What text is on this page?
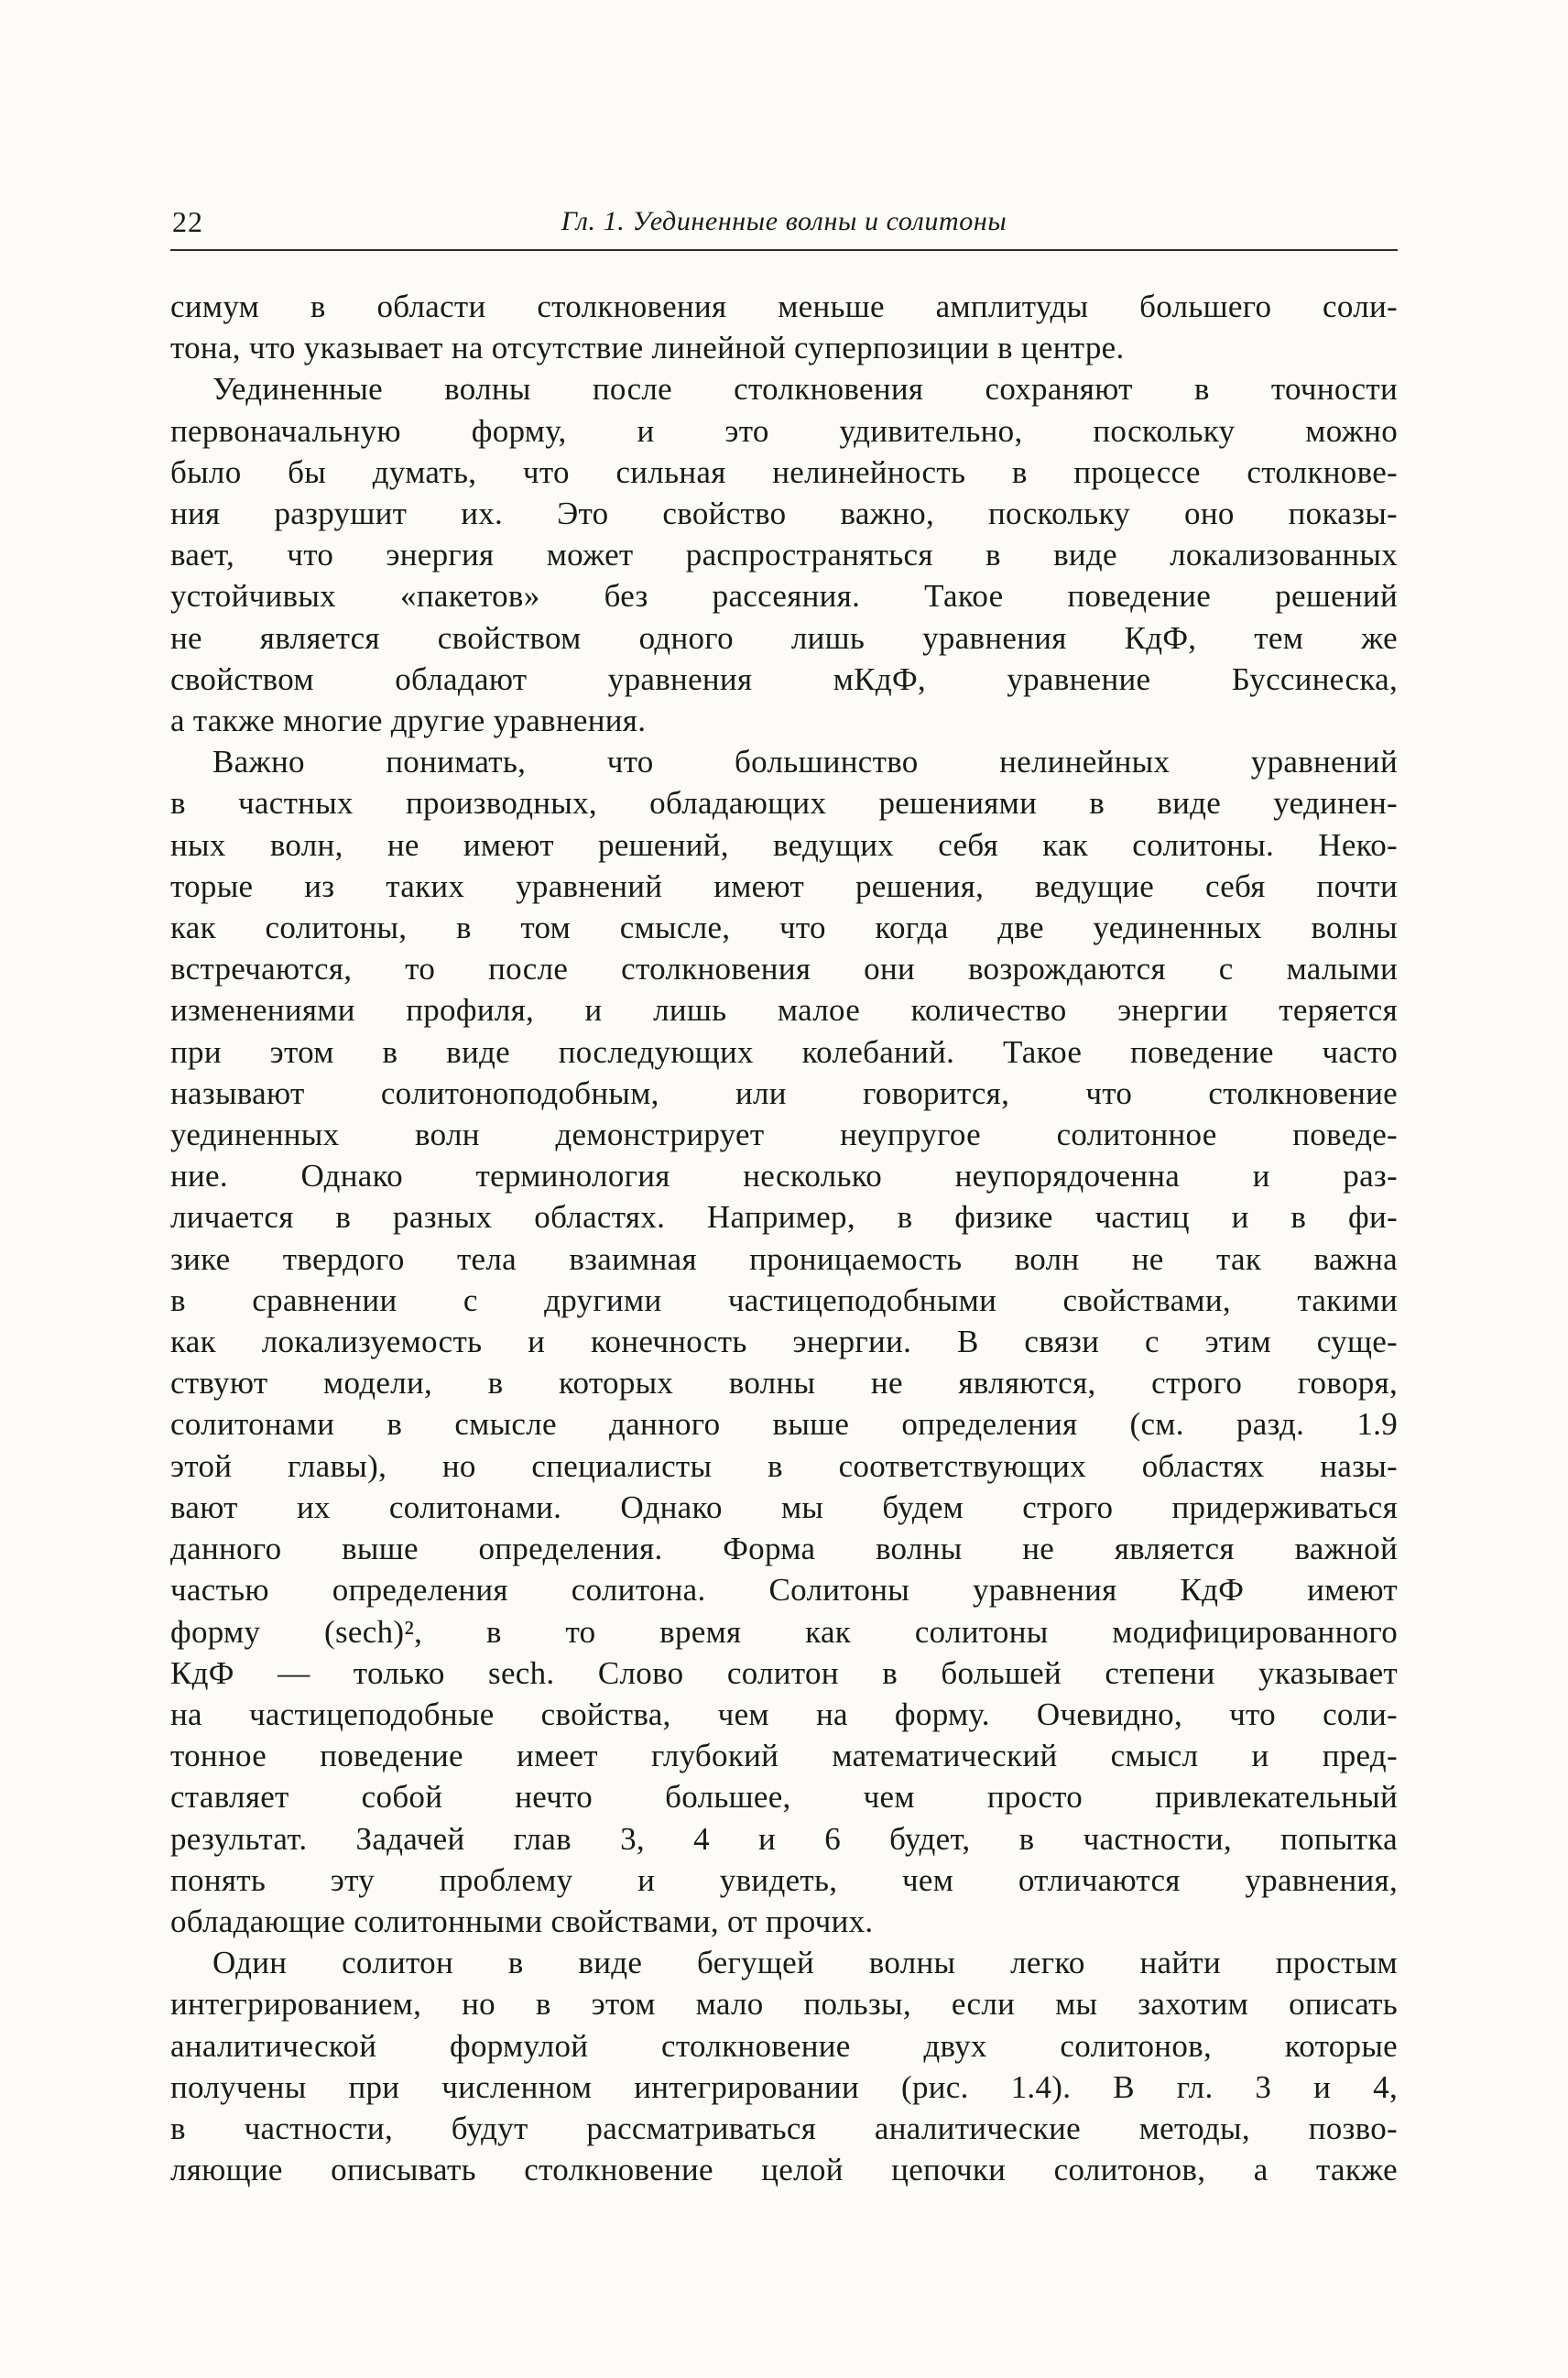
22	Гл. 1. Уединенные волны и солитоны
симум в области столкновения меньше амплитуды большего соли-
тона, что указывает на отсутствие линейной суперпозиции в центре.
Уединенные волны после столкновения сохраняют в точности
первоначальную форму, и это удивительно, поскольку можно
было бы думать, что сильная нелинейность в процессе столкнове-
ния разрушит их. Это свойство важно, поскольку оно показы-
вает, что энергия может распространяться в виде локализованных
устойчивых «пакетов» без рассеяния. Такое поведение решений
не является свойством одного лишь уравнения КдФ, тем же
свойством обладают уравнения мКдФ, уравнение Буссинеска,
а также многие другие уравнения.
Важно понимать, что большинство нелинейных уравнений
в частных производных, обладающих решениями в виде уединен-
ных волн, не имеют решений, ведущих себя как солитоны. Неко-
торые из таких уравнений имеют решения, ведущие себя почти
как солитоны, в том смысле, что когда две уединенных волны
встречаются, то после столкновения они возрождаются с малыми
изменениями профиля, и лишь малое количество энергии теряется
при этом в виде последующих колебаний. Такое поведение часто
называют солитоноподобным, или говорится, что столкновение
уединенных волн демонстрирует неупругое солитонное поведе-
ние. Однако терминология несколько неупорядоченна и раз-
личается в разных областях. Например, в физике частиц и в фи-
зике твердого тела взаимная проницаемость волн не так важна
в сравнении с другими частицеподобными свойствами, такими
как локализуемость и конечность энергии. В связи с этим суще-
ствуют модели, в которых волны не являются, строго говоря,
солитонами в смысле данного выше определения (см. разд. 1.9
этой главы), но специалисты в соответствующих областях назы-
вают их солитонами. Однако мы будем строго придерживаться
данного выше определения. Форма волны не является важной
частью определения солитона. Солитоны уравнения КдФ имеют
форму (sech)², в то время как солитоны модифицированного
КдФ — только sech. Слово солитон в большей степени указывает
на частицеподобные свойства, чем на форму. Очевидно, что соли-
тонное поведение имеет глубокий математический смысл и пред-
ставляет собой нечто большее, чем просто привлекательный
результат. Задачей глав 3, 4 и 6 будет, в частности, попытка
понять эту проблему и увидеть, чем отличаются уравнения,
обладающие солитонными свойствами, от прочих.
Один солитон в виде бегущей волны легко найти простым
интегрированием, но в этом мало пользы, если мы захотим описать
аналитической формулой столкновение двух солитонов, которые
получены при численном интегрировании (рис. 1.4). В гл. 3 и 4,
в частности, будут рассматриваться аналитические методы, позво-
ляющие описывать столкновение целой цепочки солитонов, а также
